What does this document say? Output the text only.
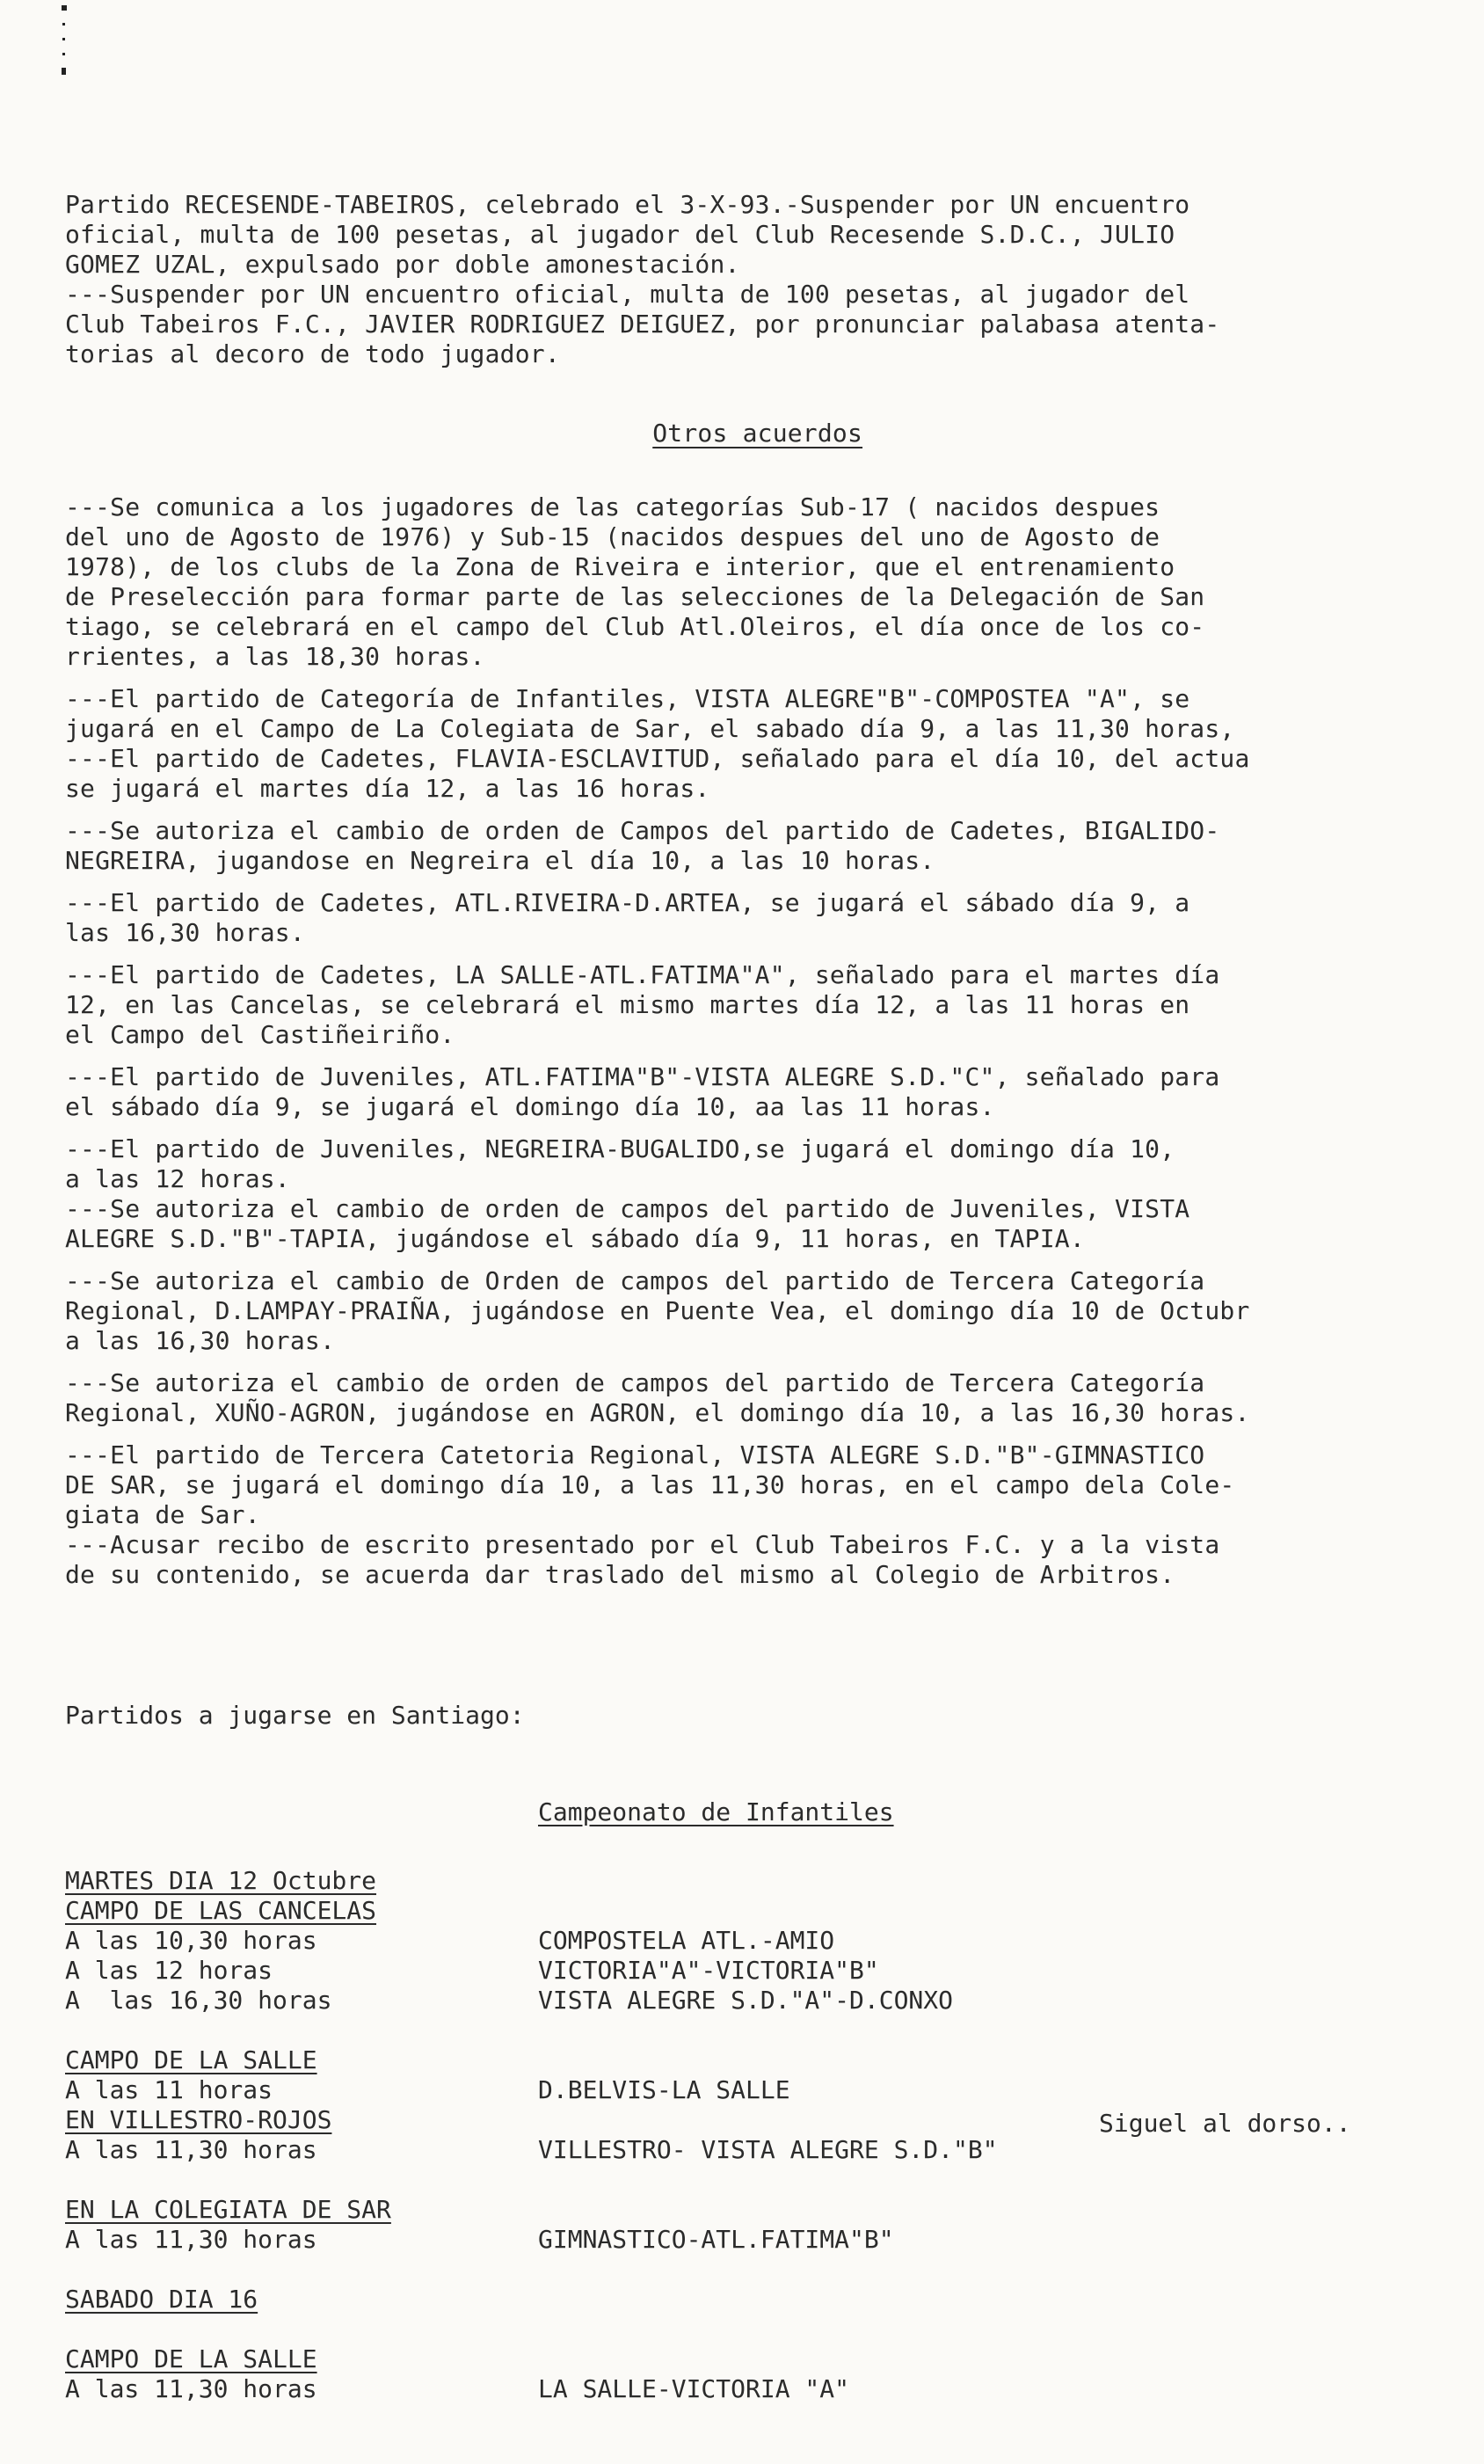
Partido RECESENDE-TABEIROS, celebrado el 3-X-93.-Suspender por UN encuentro
oficial, multa de 100 pesetas, al jugador del Club Recesende S.D.C., JULIO
GOMEZ UZAL, expulsado por doble amonestación.
---Suspender por UN encuentro oficial, multa de 100 pesetas, al jugador del
Club Tabeiros F.C., JAVIER RODRIGUEZ DEIGUEZ, por pronunciar palabasa atenta-
torias al decoro de todo jugador.

Otros acuerdos

---Se comunica a los jugadores de las categorías Sub-17 ( nacidos despues
del uno de Agosto de 1976) y Sub-15 (nacidos despues del uno de Agosto de
1978), de los clubs de la Zona de Riveira e interior, que el entrenamiento
de Preselección para formar parte de las selecciones de la Delegación de San
tiago, se celebrará en el campo del Club Atl.Oleiros, el día once de los co-
rrientes, a las 18,30 horas.
---El partido de Categoría de Infantiles, VISTA ALEGRE"B"-COMPOSTEA "A", se
jugará en el Campo de La Colegiata de Sar, el sabado día 9, a las 11,30 horas,
---El partido de Cadetes, FLAVIA-ESCLAVITUD, señalado para el día 10, del actua
se jugará el martes día 12, a las 16 horas.
---Se autoriza el cambio de orden de Campos del partido de Cadetes, BIGALIDO-
NEGREIRA, jugandose en Negreira el día 10, a las 10 horas.
---El partido de Cadetes, ATL.RIVEIRA-D.ARTEA, se jugará el sábado día 9, a
las 16,30 horas.
---El partido de Cadetes, LA SALLE-ATL.FATIMA"A", señalado para el martes día
12, en las Cancelas, se celebrará el mismo martes día 12, a las 11 horas en
el Campo del Castiñeiriño.
---El partido de Juveniles, ATL.FATIMA"B"-VISTA ALEGRE S.D."C", señalado para
el sábado día 9, se jugará el domingo día 10, aa las 11 horas.
---El partido de Juveniles, NEGREIRA-BUGALIDO,se jugará el domingo día 10,
a las 12 horas.
---Se autoriza el cambio de orden de campos del partido de Juveniles, VISTA
ALEGRE S.D."B"-TAPIA, jugándose el sábado día 9, 11 horas, en TAPIA.
---Se autoriza el cambio de Orden de campos del partido de Tercera Categoría
Regional, D.LAMPAY-PRAIÑA, jugándose en Puente Vea, el domingo día 10 de Octubr
a las 16,30 horas.
---Se autoriza el cambio de orden de campos del partido de Tercera Categoría
Regional, XUÑO-AGRON, jugándose en AGRON, el domingo día 10, a las 16,30 horas.
---El partido de Tercera Catetoria Regional, VISTA ALEGRE S.D."B"-GIMNASTICO
DE SAR, se jugará el domingo día 10, a las 11,30 horas, en el campo dela Cole-
giata de Sar.
---Acusar recibo de escrito presentado por el Club Tabeiros F.C. y a la vista
de su contenido, se acuerda dar traslado del mismo al Colegio de Arbitros.

Partidos a jugarse en Santiago:

Campeonato de Infantiles

MARTES DIA 12 Octubre
CAMPO DE LAS CANCELAS
A las 10,30 horas	COMPOSTELA ATL.-AMIO
A las 12 horas	VICTORIA"A"-VICTORIA"B"
A  las 16,30 horas	VISTA ALEGRE S.D."A"-D.CONXO
CAMPO DE LA SALLE
A las 11 horas	D.BELVIS-LA SALLE
EN VILLESTRO-ROJOS
A las 11,30 horas	VILLESTRO- VISTA ALEGRE S.D."B"
EN LA COLEGIATA DE SAR
A las 11,30 horas	GIMNASTICO-ATL.FATIMA"B"
SABADO DIA 16
CAMPO DE LA SALLE
A las 11,30 horas	LA SALLE-VICTORIA "A"

Siguel al dorso..
